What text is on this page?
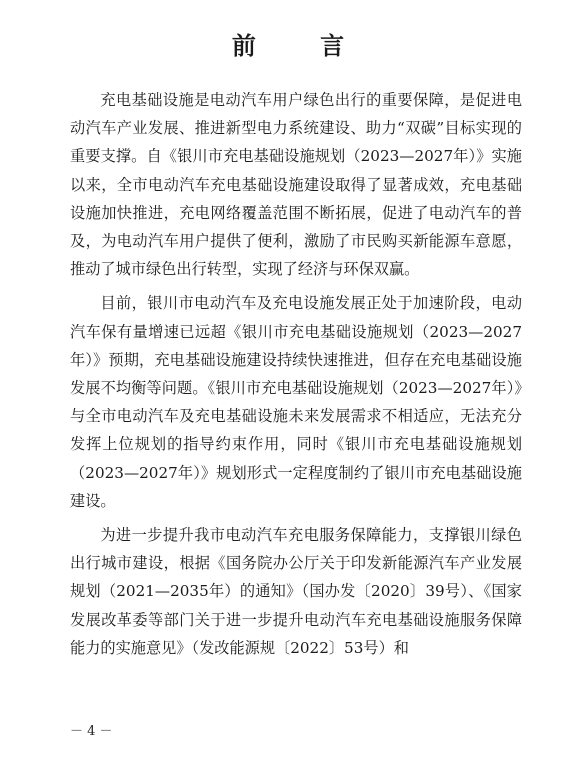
前 言

充电基础设施是电动汽车用户绿色出行的重要保障，是促进电动汽车产业发展、推进新型电力系统建设、助力“双碳”目标实现的重要支撑。自《银川市充电基础设施规划（2023—2027年）》实施以来，全市电动汽车充电基础设施建设取得了显著成效，充电基础设施加快推进，充电网络覆盖范围不断拓展，促进了电动汽车的普及，为电动汽车用户提供了便利，激励了市民购买新能源车意愿，推动了城市绿色出行转型，实现了经济与环保双赢。

目前，银川市电动汽车及充电设施发展正处于加速阶段，电动汽车保有量增速已远超《银川市充电基础设施规划（2023—2027年）》预期，充电基础设施建设持续快速推进，但存在充电基础设施发展不均衡等问题。《银川市充电基础设施规划（2023—2027年）》与全市电动汽车及充电基础设施未来发展需求不相适应，无法充分发挥上位规划的指导约束作用，同时《银川市充电基础设施规划（2023—2027年）》规划形式一定程度制约了银川市充电基础设施建设。

为进一步提升我市电动汽车充电服务保障能力，支撑银川绿色出行城市建设，根据《国务院办公厅关于印发新能源汽车产业发展规划（2021—2035年）的通知》（国办发〔2020〕39号）、《国家发展改革委等部门关于进一步提升电动汽车充电基础设施服务保障能力的实施意见》（发改能源规〔2022〕53号）和

－ 4 －
